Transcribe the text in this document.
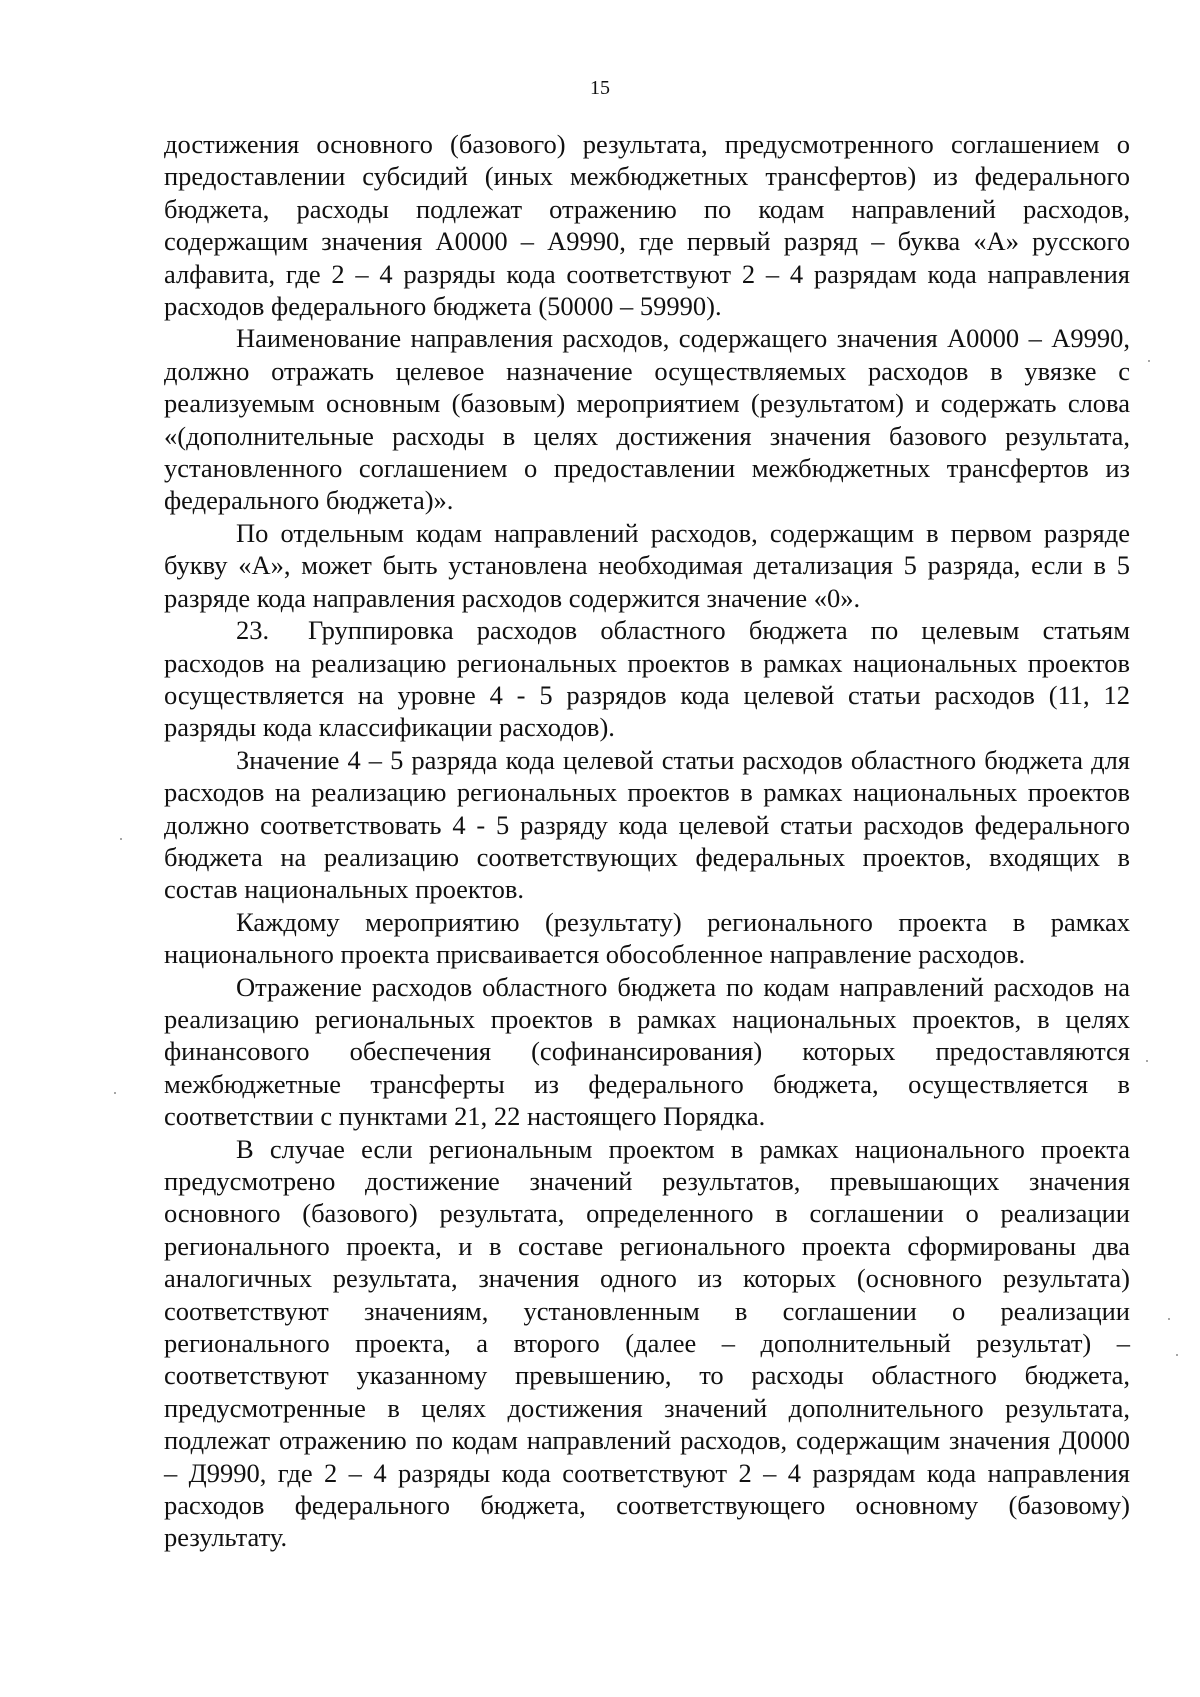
15

достижения основного (базового) результата, предусмотренного соглашением о предоставлении субсидий (иных межбюджетных трансфертов) из федерального бюджета, расходы подлежат отражению по кодам направлений расходов, содержащим значения А0000 – А9990, где первый разряд – буква «А» русского алфавита, где 2 – 4 разряды кода соответствуют 2 – 4 разрядам кода направления расходов федерального бюджета (50000 – 59990).

Наименование направления расходов, содержащего значения А0000 – А9990, должно отражать целевое назначение осуществляемых расходов в увязке с реализуемым основным (базовым) мероприятием (результатом) и содержать слова «(дополнительные расходы в целях достижения значения базового результата, установленного соглашением о предоставлении межбюджетных трансфертов из федерального бюджета)».

По отдельным кодам направлений расходов, содержащим в первом разряде букву «А», может быть установлена необходимая детализация 5 разряда, если в 5 разряде кода направления расходов содержится значение «0».

23. Группировка расходов областного бюджета по целевым статьям расходов на реализацию региональных проектов в рамках национальных проектов осуществляется на уровне 4 - 5 разрядов кода целевой статьи расходов (11, 12 разряды кода классификации расходов).

Значение 4 – 5 разряда кода целевой статьи расходов областного бюджета для расходов на реализацию региональных проектов в рамках национальных проектов должно соответствовать 4 - 5 разряду кода целевой статьи расходов федерального бюджета на реализацию соответствующих федеральных проектов, входящих в состав национальных проектов.

Каждому мероприятию (результату) регионального проекта в рамках национального проекта присваивается обособленное направление расходов.

Отражение расходов областного бюджета по кодам направлений расходов на реализацию региональных проектов в рамках национальных проектов, в целях финансового обеспечения (софинансирования) которых предоставляются межбюджетные трансферты из федерального бюджета, осуществляется в соответствии с пунктами 21, 22 настоящего Порядка.

В случае если региональным проектом в рамках национального проекта предусмотрено достижение значений результатов, превышающих значения основного (базового) результата, определенного в соглашении о реализации регионального проекта, и в составе регионального проекта сформированы два аналогичных результата, значения одного из которых (основного результата) соответствуют значениям, установленным в соглашении о реализации регионального проекта, а второго (далее – дополнительный результат) – соответствуют указанному превышению, то расходы областного бюджета, предусмотренные в целях достижения значений дополнительного результата, подлежат отражению по кодам направлений расходов, содержащим значения Д0000 – Д9990, где 2 – 4 разряды кода соответствуют 2 – 4 разрядам кода направления расходов федерального бюджета, соответствующего основному (базовому) результату.
